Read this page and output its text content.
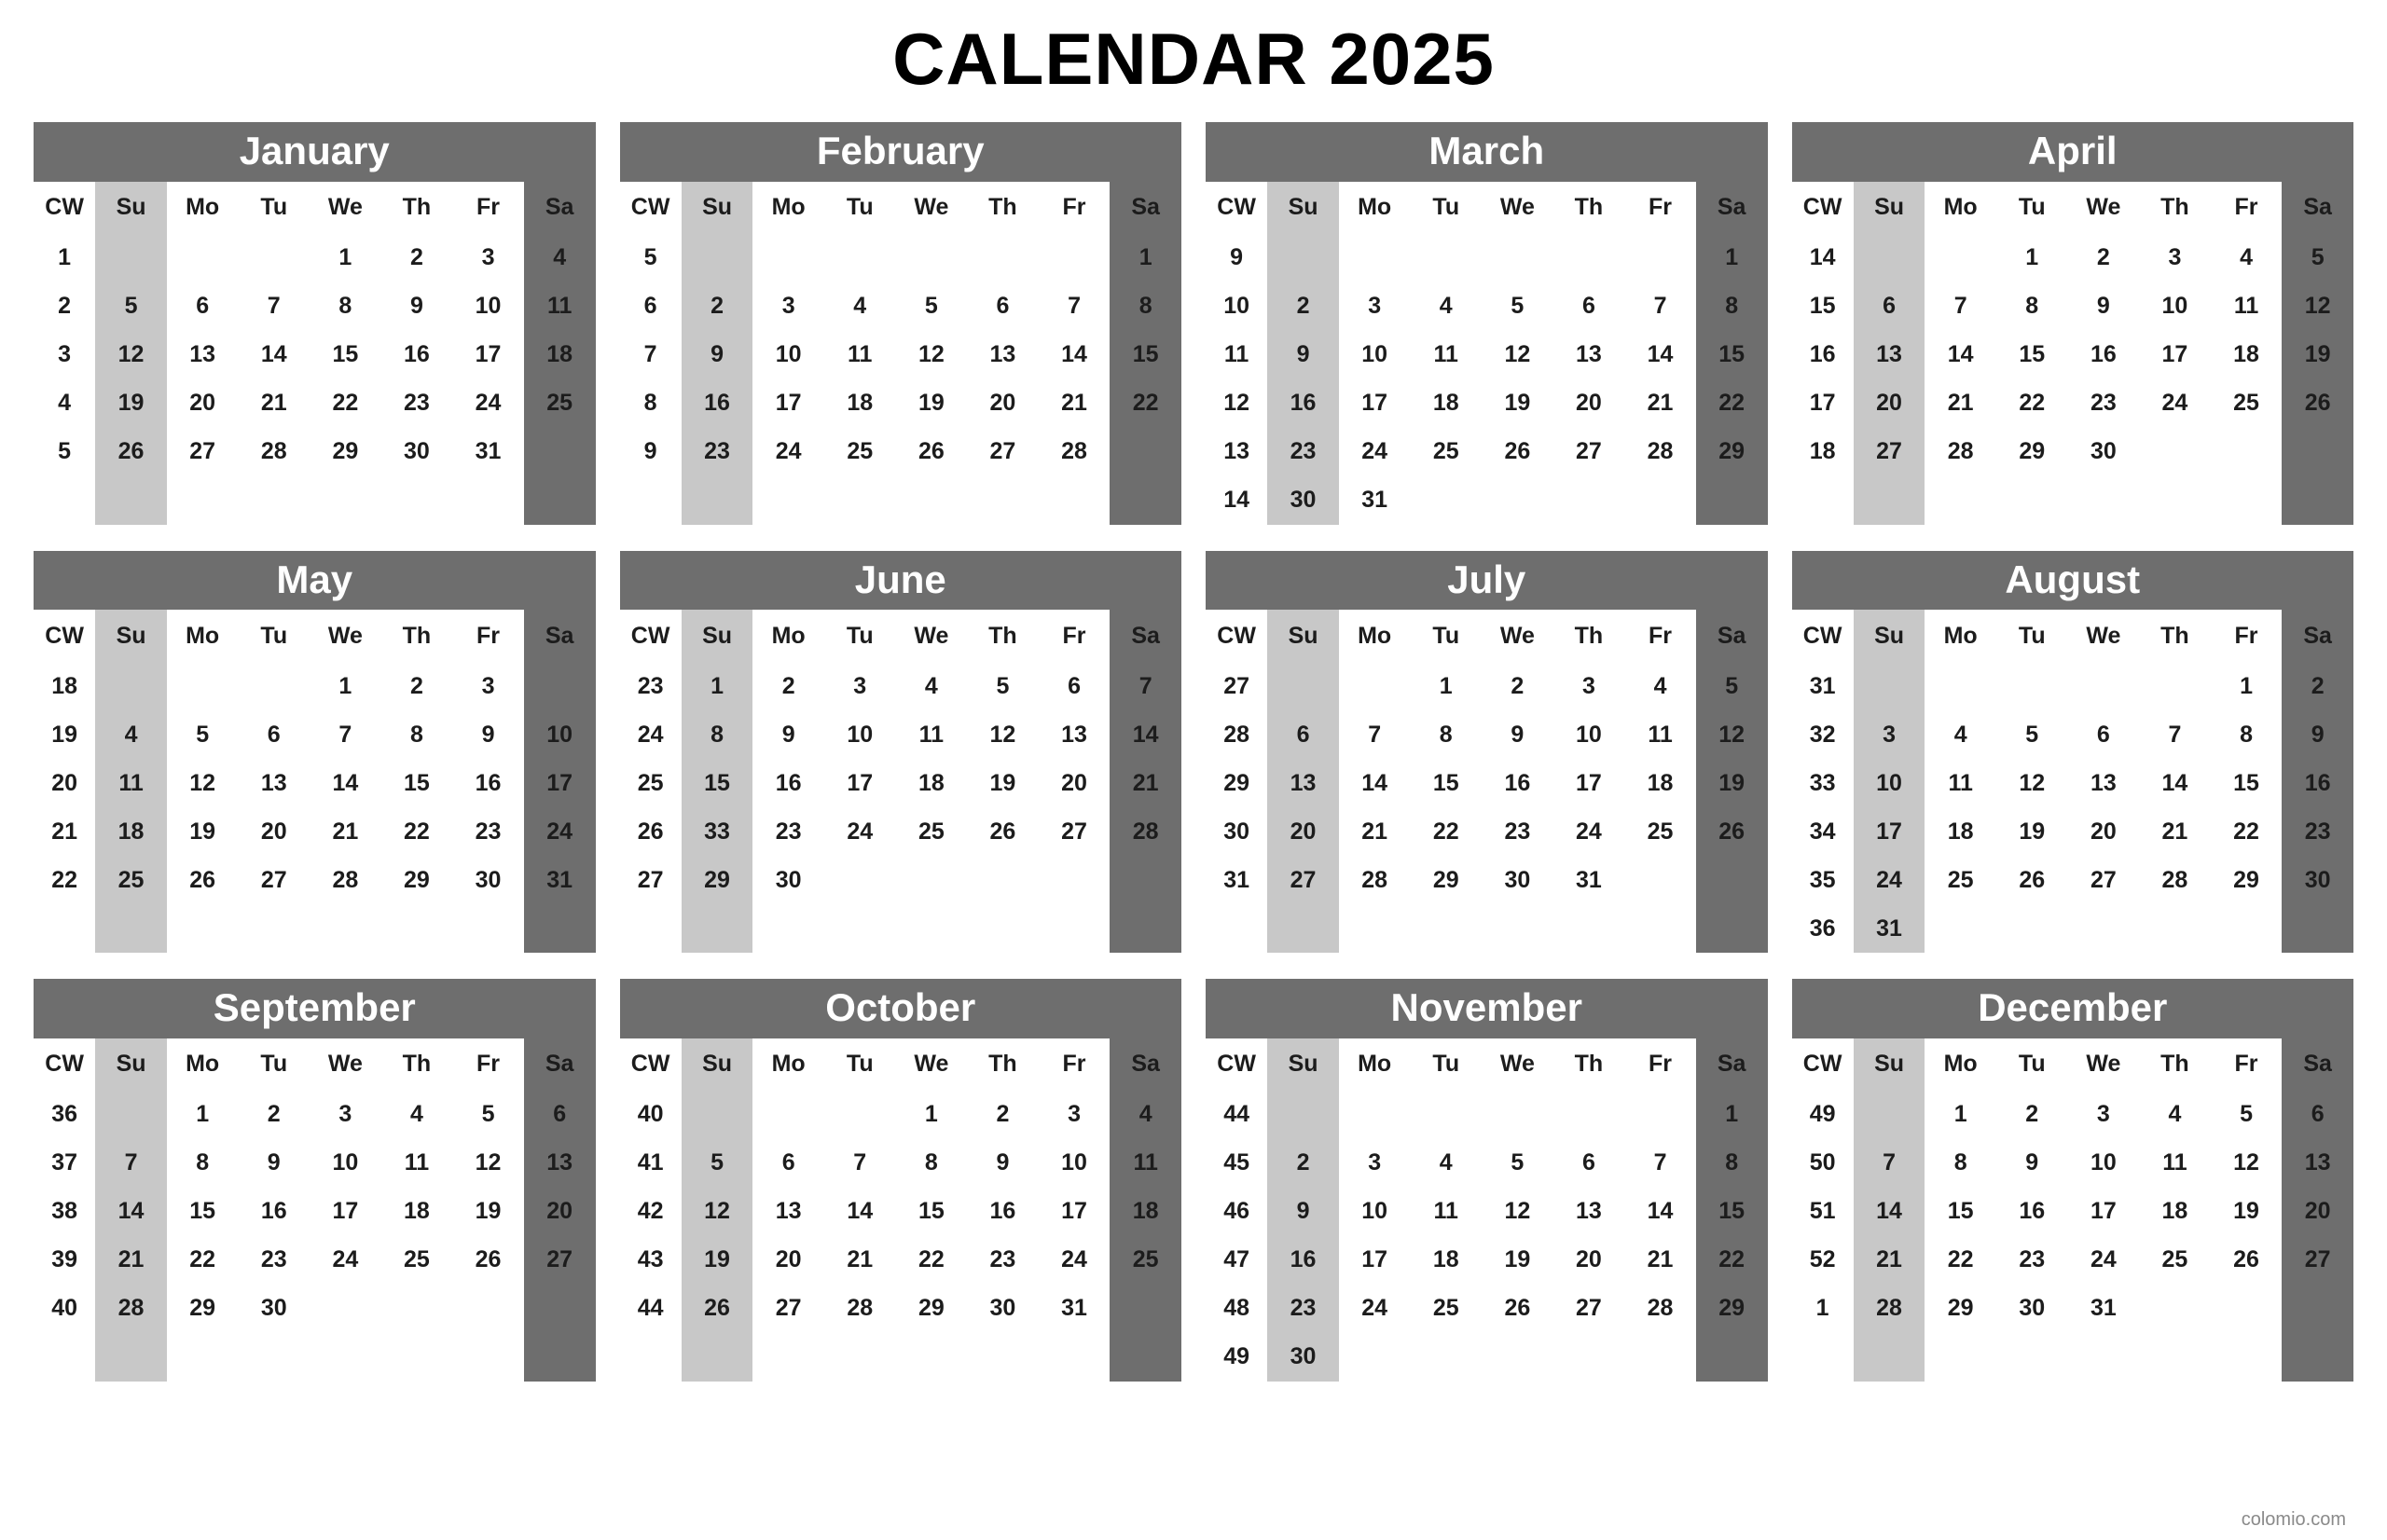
CALENDAR 2025
January
CW	Su	Mo	Tu	We	Th	Fr	Sa
1				1	2	3	4
2	5	6	7	8	9	10	11
3	12	13	14	15	16	17	18
4	19	20	21	22	23	24	25
5	26	27	28	29	30	31	

February
CW	Su	Mo	Tu	We	Th	Fr	Sa
5							1
6	2	3	4	5	6	7	8
7	9	10	11	12	13	14	15
8	16	17	18	19	20	21	22
9	23	24	25	26	27	28	

March
CW	Su	Mo	Tu	We	Th	Fr	Sa
9							1
10	2	3	4	5	6	7	8
11	9	10	11	12	13	14	15
12	16	17	18	19	20	21	22
13	23	24	25	26	27	28	29
14	30	31					
April
CW	Su	Mo	Tu	We	Th	Fr	Sa
14			1	2	3	4	5
15	6	7	8	9	10	11	12
16	13	14	15	16	17	18	19
17	20	21	22	23	24	25	26
18	27	28	29	30			

May
CW	Su	Mo	Tu	We	Th	Fr	Sa
18				1	2	3	
19	4	5	6	7	8	9	10
20	11	12	13	14	15	16	17
21	18	19	20	21	22	23	24
22	25	26	27	28	29	30	31

June
CW	Su	Mo	Tu	We	Th	Fr	Sa
23	1	2	3	4	5	6	7
24	8	9	10	11	12	13	14
25	15	16	17	18	19	20	21
26	33	23	24	25	26	27	28
27	29	30					

July
CW	Su	Mo	Tu	We	Th	Fr	Sa
27			1	2	3	4	5
28	6	7	8	9	10	11	12
29	13	14	15	16	17	18	19
30	20	21	22	23	24	25	26
31	27	28	29	30	31		

August
CW	Su	Mo	Tu	We	Th	Fr	Sa
31						1	2
32	3	4	5	6	7	8	9
33	10	11	12	13	14	15	16
34	17	18	19	20	21	22	23
35	24	25	26	27	28	29	30
36	31						
September
CW	Su	Mo	Tu	We	Th	Fr	Sa
36		1	2	3	4	5	6
37	7	8	9	10	11	12	13
38	14	15	16	17	18	19	20
39	21	22	23	24	25	26	27
40	28	29	30				

October
CW	Su	Mo	Tu	We	Th	Fr	Sa
40				1	2	3	4
41	5	6	7	8	9	10	11
42	12	13	14	15	16	17	18
43	19	20	21	22	23	24	25
44	26	27	28	29	30	31	

November
CW	Su	Mo	Tu	We	Th	Fr	Sa
44							1
45	2	3	4	5	6	7	8
46	9	10	11	12	13	14	15
47	16	17	18	19	20	21	22
48	23	24	25	26	27	28	29
49	30						
December
CW	Su	Mo	Tu	We	Th	Fr	Sa
49		1	2	3	4	5	6
50	7	8	9	10	11	12	13
51	14	15	16	17	18	19	20
52	21	22	23	24	25	26	27
1	28	29	30	31			

colomio.com
